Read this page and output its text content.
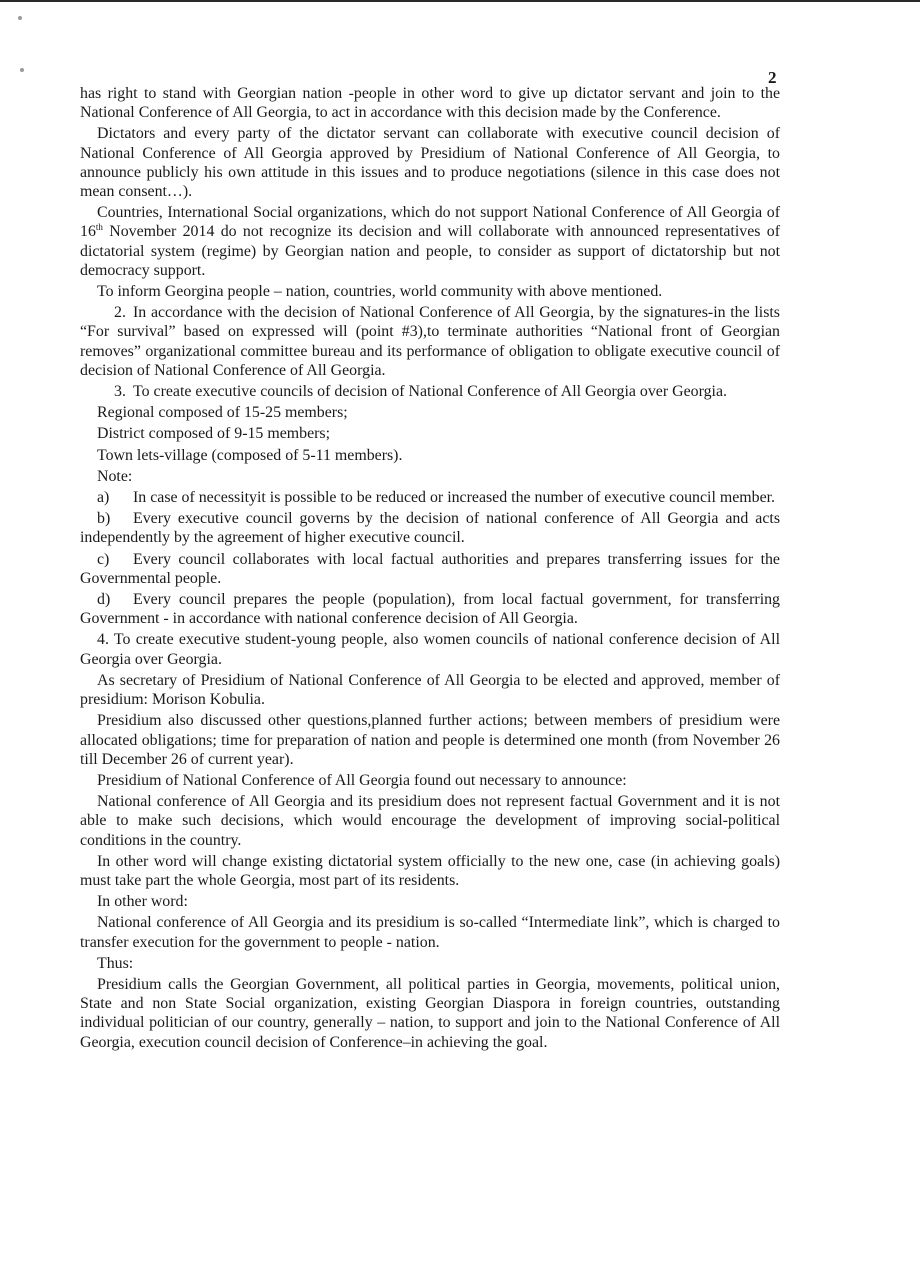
2

has right to stand with Georgian nation -people in other word to give up dictator servant and join to the National Conference of All Georgia, to act in accordance with this decision made by the Conference.

Dictators and every party of the dictator servant can collaborate with executive council decision of National Conference of All Georgia approved by Presidium of National Conference of All Georgia, to announce publicly his own attitude in this issues and to produce negotiations (silence in this case does not mean consent…).

Countries, International Social organizations, which do not support National Conference of All Georgia of 16th November 2014 do not recognize its decision and will collaborate with announced representatives of dictatorial system (regime) by Georgian nation and people, to consider as support of dictatorship but not democracy support.

To inform Georgina people – nation, countries, world community with above mentioned.

2. In accordance with the decision of National Conference of All Georgia, by the signatures-in the lists “For survival” based on expressed will (point #3),to terminate authorities “National front of Georgian removes” organizational committee bureau and its performance of obligation to obligate executive council of decision of National Conference of All Georgia.

3. To create executive councils of decision of National Conference of All Georgia over Georgia.

Regional composed of 15-25 members;

District composed of 9-15 members;

Town lets-village (composed of 5-11 members).

Note:

a) In case of necessityit is possible to be reduced or increased the number of executive council member.

b) Every executive council governs by the decision of national conference of All Georgia and acts independently by the agreement of higher executive council.

c) Every council collaborates with local factual authorities and prepares transferring issues for the Governmental people.

d) Every council prepares the people (population), from local factual government, for transferring Government - in accordance with national conference decision of All Georgia.

4. To create executive student-young people, also women councils of national conference decision of All Georgia over Georgia.

As secretary of Presidium of National Conference of All Georgia to be elected and approved, member of presidium: Morison Kobulia.

Presidium also discussed other questions,planned further actions; between members of presidium were allocated obligations; time for preparation of nation and people is determined one month (from November 26 till December 26 of current year).

Presidium of National Conference of All Georgia found out necessary to announce:

National conference of All Georgia and its presidium does not represent factual Government and it is not able to make such decisions, which would encourage the development of improving social-political conditions in the country.

In other word will change existing dictatorial system officially to the new one, case (in achieving goals) must take part the whole Georgia, most part of its residents.

In other word:

National conference of All Georgia and its presidium is so-called “Intermediate link”, which is charged to transfer execution for the government to people - nation.

Thus:

Presidium calls the Georgian Government, all political parties in Georgia, movements, political union, State and non State Social organization, existing Georgian Diaspora in foreign countries, outstanding individual politician of our country, generally – nation, to support and join to the National Conference of All Georgia, execution council decision of Conference–in achieving the goal.
